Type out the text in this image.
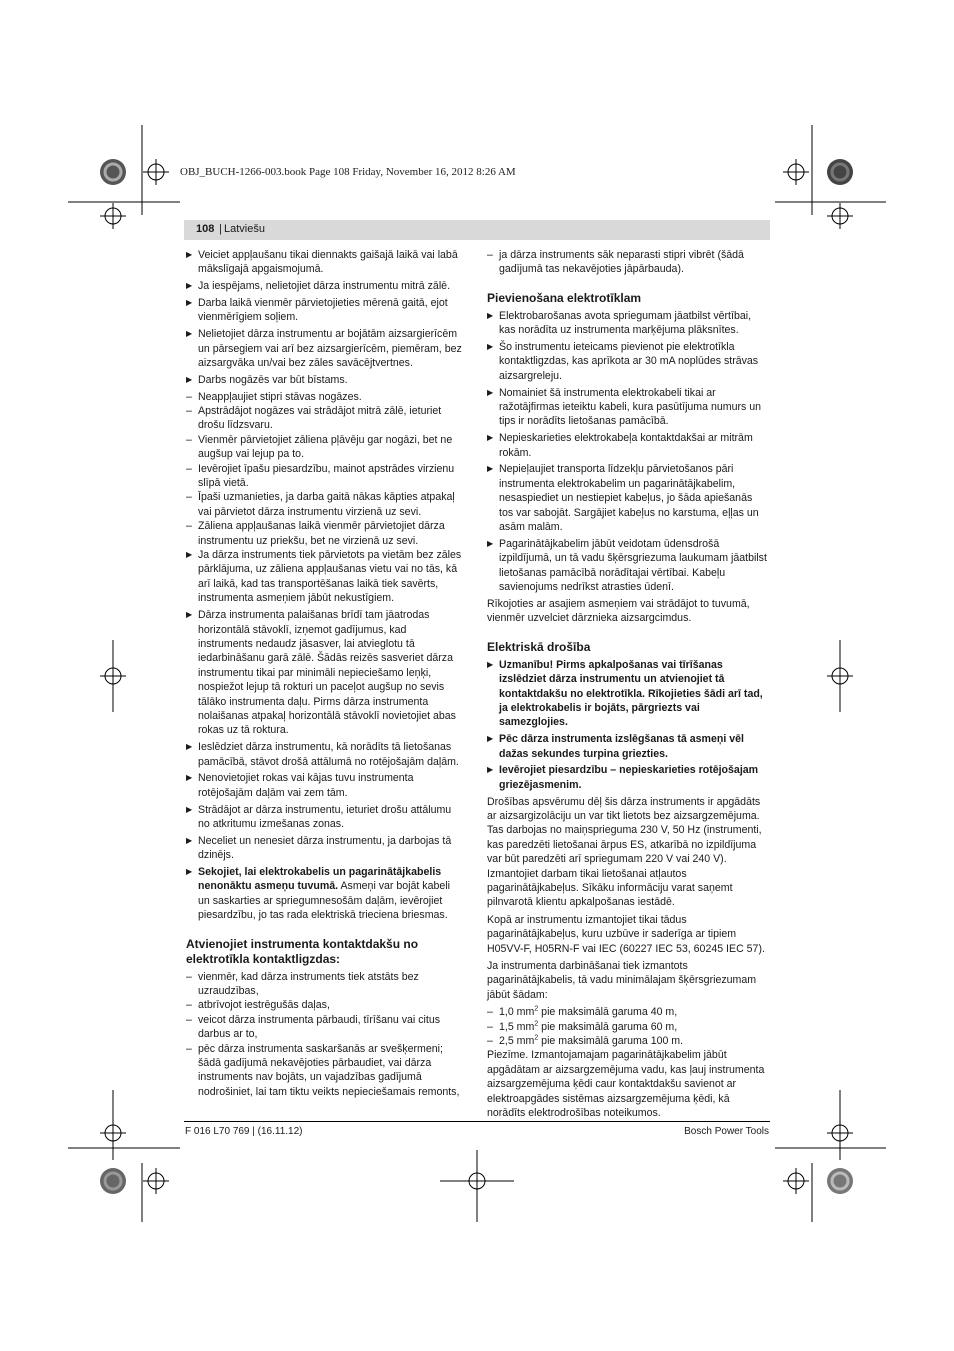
OBJ_BUCH-1266-003.book Page 108 Friday, November 16, 2012 8:26 AM
108 | Latviešu
▶ Veiciet appļaušanu tikai diennakts gaišajā laikā vai labā mākslīgajā apgaismojumā.
▶ Ja iespējams, nelietojiet dārza instrumentu mitrā zālē.
▶ Darba laikā vienmēr pārvietojieties mērenā gaitā, ejot vienmērīgiem soļiem.
▶ Nelietojiet dārza instrumentu ar bojātām aizsargierīcēm un pārsegiem vai arī bez aizsargierīcēm, piemēram, bez aizsargvāka un/vai bez zāles savācējtvertnes.
▶ Darbs nogāzēs var būt bīstams.
– Neappļaujiet stipri stāvas nogāzes.
– Apstrādājot nogāzes vai strādājot mitrā zālē, ieturiet drošu līdzsvaru.
– Vienmēr pārvietojiet zāliena pļāvēju gar nogāzi, bet ne augšup vai lejup pa to.
– Ievērojiet īpašu piesardzību, mainot apstrādes virzienu slīpā vietā.
– Īpaši uzmanieties, ja darba gaitā nākas kāpties atpakaļ vai pārvietot dārza instrumentu virzienā uz sevi.
– Zāliena appļaušanas laikā vienmēr pārvietojiet dārza instrumentu uz priekšu, bet ne virzienā uz sevi.
▶ Ja dārza instruments tiek pārvietots pa vietām bez zāles pārklājuma, uz zāliena appļaušanas vietu vai no tās, kā arī laikā, kad tas transportēšanas laikā tiek savērts, instrumenta asmeņiem jābūt nekustīgiem.
▶ Dārza instrumenta palaišanas brīdī tam jāatrodas horizontālā stāvoklī, izņemot gadījumus, kad instruments nedaudz jāsasver, lai atvieglotu tā iedarbināšanu garā zālē. Šādās reizēs sasveriet dārza instrumentu tikai par minimāli nepieciešamo leņķi, nospiežot lejup tā rokturi un paceļot augšup no sevis tālāko instrumenta daļu. Pirms dārza instrumenta nolaišanas atpakaļ horizontālā stāvoklī novietojiet abas rokas uz tā roktura.
▶ Ieslēdziet dārza instrumentu, kā norādīts tā lietošanas pamācībā, stāvot drošā attālumā no rotējošajām daļām.
▶ Nenovietojiet rokas vai kājas tuvu instrumenta rotējošajām daļām vai zem tām.
▶ Strādājot ar dārza instrumentu, ieturiet drošu attālumu no atkritumu izmešanas zonas.
▶ Neceliet un nenesiet dārza instrumentu, ja darbojas tā dzinējs.
▶ Sekojiet, lai elektrokabelis un pagarinātājkabelis nenonāktu asmeņu tuvumā. Asmeņi var bojāt kabeli un saskarties ar spriegumnesošām daļām, ievērojiet piesardzību, jo tas rada elektriskā trieciena briesmas.
Atvienojiet instrumenta kontaktdakšu no elektrotīkla kontaktligzdas:
– vienmēr, kad dārza instruments tiek atstāts bez uzraudzības,
– atbrīvojot iestrēgušās daļas,
– veicot dārza instrumenta pārbaudi, tīrīšanu vai citus darbus ar to,
– pēc dārza instrumenta saskaršanās ar svešķermeni; šādā gadījumā nekavējoties pārbaudiet, vai dārza instruments nav bojāts, un vajadzības gadījumā nodrošiniet, lai tam tiktu veikts nepieciešamais remonts,
– ja dārza instruments sāk neparasti stipri vibrēt (šādā gadījumā tas nekavējoties jāpārbauda).
Pievienošana elektrotīklam
▶ Elektrobarošanas avota spriegumam jāatbilst vērtībai, kas norādīta uz instrumenta marķējuma plāksnītes.
▶ Šo instrumentu ieteicams pievienot pie elektrotīkla kontaktligzdas, kas aprīkota ar 30 mA noplūdes strāvas aizsargreleju.
▶ Nomainiet šā instrumenta elektrokabeli tikai ar ražotājfirmas ieteiktu kabeli, kura pasūtījuma numurs un tips ir norādīts lietošanas pamācībā.
▶ Nepieskarieties elektrokabeļa kontaktdakšai ar mitrām rokām.
▶ Nepieļaujiet transporta līdzekļu pārvietošanos pāri instrumenta elektrokabelim un pagarinātājkabelim, nesaspiediet un nestiepiet kabeļus, jo šāda apiešanās tos var sabojāt. Sargājiet kabeļus no karstuma, eļļas un asām malām.
▶ Pagarinātājkabelim jābūt veidotam ūdensdrošā izpildījumā, un tā vadu šķērsgriezuma laukumam jāatbilst lietošanas pamācībā norādītajai vērtībai. Kabeļu savienojums nedrīkst atrasties ūdenī.
Rīkojoties ar asajiem asmeņiem vai strādājot to tuvumā, vienmēr uzvelciet dārznieka aizsargcimdus.
Elektriskā drošība
▶ Uzmanību! Pirms apkalpošanas vai tīrīšanas izslēdziet dārza instrumentu un atvienojiet tā kontaktdakšu no elektrotīkla. Rīkojieties šādi arī tad, ja elektrokabelis ir bojāts, pārgriezts vai samezglojies.
▶ Pēc dārza instrumenta izslēgšanas tā asmeņi vēl dažas sekundes turpina griezties.
▶ Ievērojiet piesardzību – nepieskarieties rotējošajam griezējasmenim.
Drošības apsvērumu dēļ šis dārza instruments ir apgādāts ar aizsargizolāciju un var tikt lietots bez aizsargzemējuma. Tas darbojas no maiņsprieguma 230 V, 50 Hz (instrumenti, kas paredzēti lietošanai ārpus ES, atkarībā no izpildījuma var būt paredzēti arī spriegumam 220 V vai 240 V). Izmantojiet darbam tikai lietošanai atļautos pagarinātājkabeļus. Sīkāku informāciju varat saņemt pilnvarotā klientu apkalpošanas iestādē.
Kopā ar instrumentu izmantojiet tikai tādus pagarinātājkabeļus, kuru uzbūve ir saderīga ar tipiem H05VV-F, H05RN-F vai IEC (60227 IEC 53, 60245 IEC 57).
Ja instrumenta darbināšanai tiek izmantots pagarinātājkabelis, tā vadu minimālajam šķērsgriezumam jābūt šādam:
– 1,0 $mm^2$ pie maksimālā garuma 40 m,
– 1,5 $mm^2$ pie maksimālā garuma 60 m,
– 2,5 $mm^2$ pie maksimālā garuma 100 m.
Piezīme. Izmantojamajam pagarinātājkabelim jābūt apgādātam ar aizsargzemējuma vadu, kas ļauj instrumenta aizsargzemējuma ķēdi caur kontaktdakšu savienot ar elektroapgādes sistēmas aizsargzemējuma ķēdi, kā norādīts elektrodrošības noteikumos.
F 016 L70 769 | (16.11.12)	Bosch Power Tools
